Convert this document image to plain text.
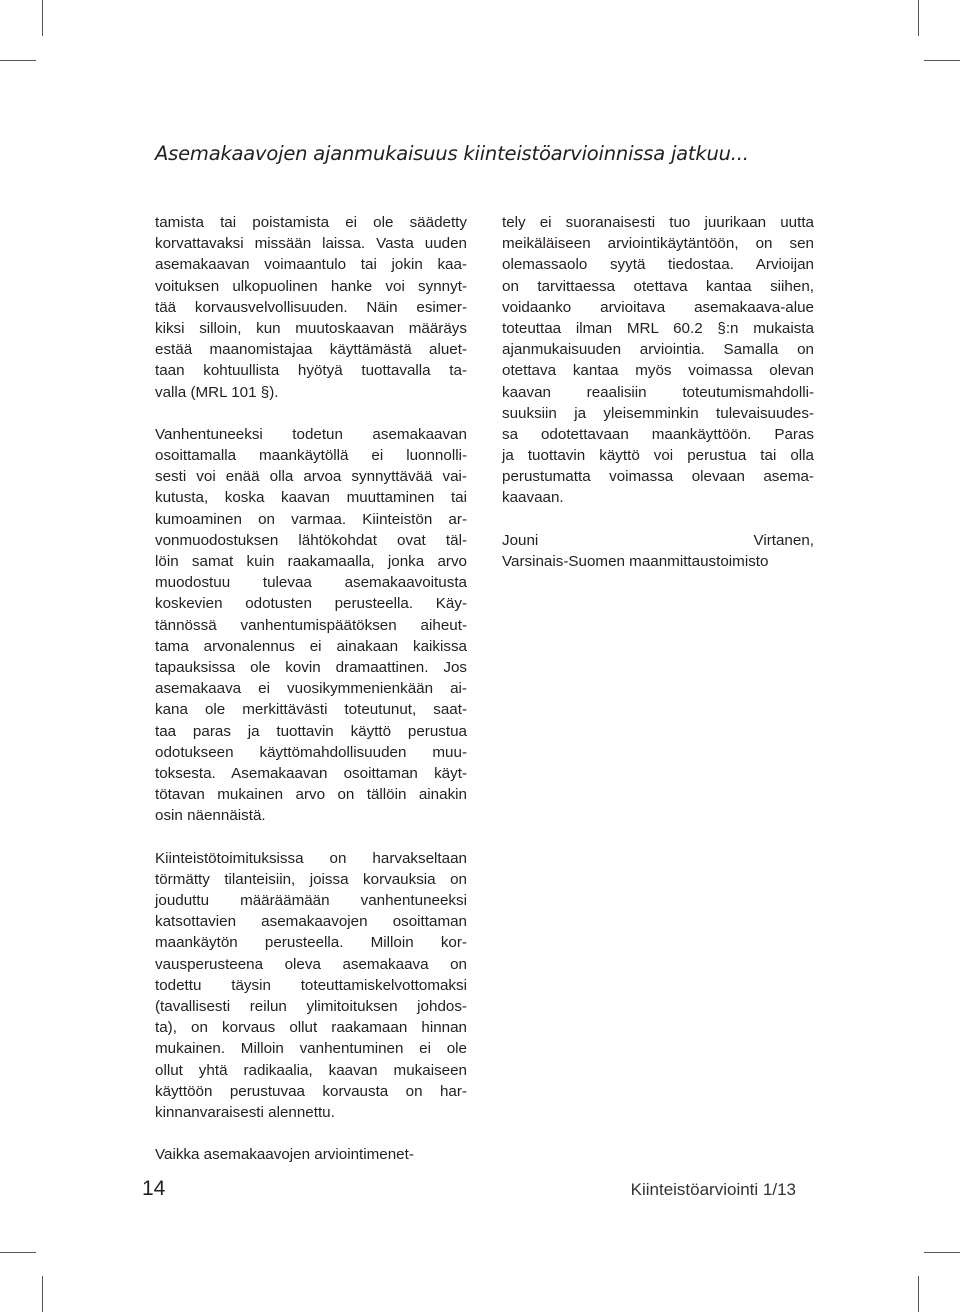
Asemakaavojen ajanmukaisuus kiinteistöarvioinnissa jatkuu...
tamista tai poistamista ei ole säädetty
korvattavaksi missään laissa. Vasta uuden
asemakaavan voimaantulo tai jokin kaa-
voituksen ulkopuolinen hanke voi synnyt-
tää korvausvelvollisuuden. Näin esimer-
kiksi silloin, kun muutoskaavan määräys
estää maanomistajaa käyttämästä aluet-
taan kohtuullista hyötyä tuottavalla ta-
valla (MRL 101 §).
Vanhentuneeksi todetun asemakaavan
osoittamalla maankäytöllä ei luonnolli-
sesti voi enää olla arvoa synnyttävää vai-
kutusta, koska kaavan muuttaminen tai
kumoaminen on varmaa. Kiinteistön ar-
vonmuodostuksen lähtökohdat ovat täl-
löin samat kuin raakamaalla, jonka arvo
muodostuu tulevaa asemakaavoitusta
koskevien odotusten perusteella. Käy-
tännössä vanhentumispäätöksen aiheut-
tama arvonalennus ei ainakaan kaikissa
tapauksissa ole kovin dramaattinen. Jos
asemakaava ei vuosikymmenienkään ai-
kana ole merkittävästi toteutunut, saat-
taa paras ja tuottavin käyttö perustua
odotukseen käyttömahdollisuuden muu-
toksesta. Asemakaavan osoittaman käyt-
tötavan mukainen arvo on tällöin ainakin
osin näennäistä.
Kiinteistötoimituksissa on harvakseltaan
törmätty tilanteisiin, joissa korvauksia on
jouduttu määräämään vanhentuneeksi
katsottavien asemakaavojen osoittaman
maankäytön perusteella. Milloin kor-
vausperusteena oleva asemakaava on
todettu täysin toteuttamiskelvottomaksi
(tavallisesti reilun ylimitoituksen johdos-
ta), on korvaus ollut raakamaan hinnan
mukainen. Milloin vanhentuminen ei ole
ollut yhtä radikaalia, kaavan mukaiseen
käyttöön perustuvaa korvausta on har-
kinnanvaraisesti alennettu.
Vaikka asemakaavojen arviointimenet-
tely ei suoranaisesti tuo juurikaan uutta
meikäläiseen arviointikäytäntöön, on sen
olemassaolo syytä tiedostaa. Arvioijan
on tarvittaessa otettava kantaa siihen,
voidaanko arvioitava asemakaava-alue
toteuttaa ilman MRL 60.2 §:n mukaista
ajanmukaisuuden arviointia. Samalla on
otettava kantaa myös voimassa olevan
kaavan reaalisiin toteutumismahdolli-
suuksiin ja yleisemminkin tulevaisuudes-
sa odotettavaan maankäyttöön. Paras
ja tuottavin käyttö voi perustua tai olla
perustumatta voimassa olevaan asema-
kaavaan.
Jouni Virtanen,
Varsinais-Suomen maanmittaustoimisto
14	Kiinteistöarviointi 1/13
